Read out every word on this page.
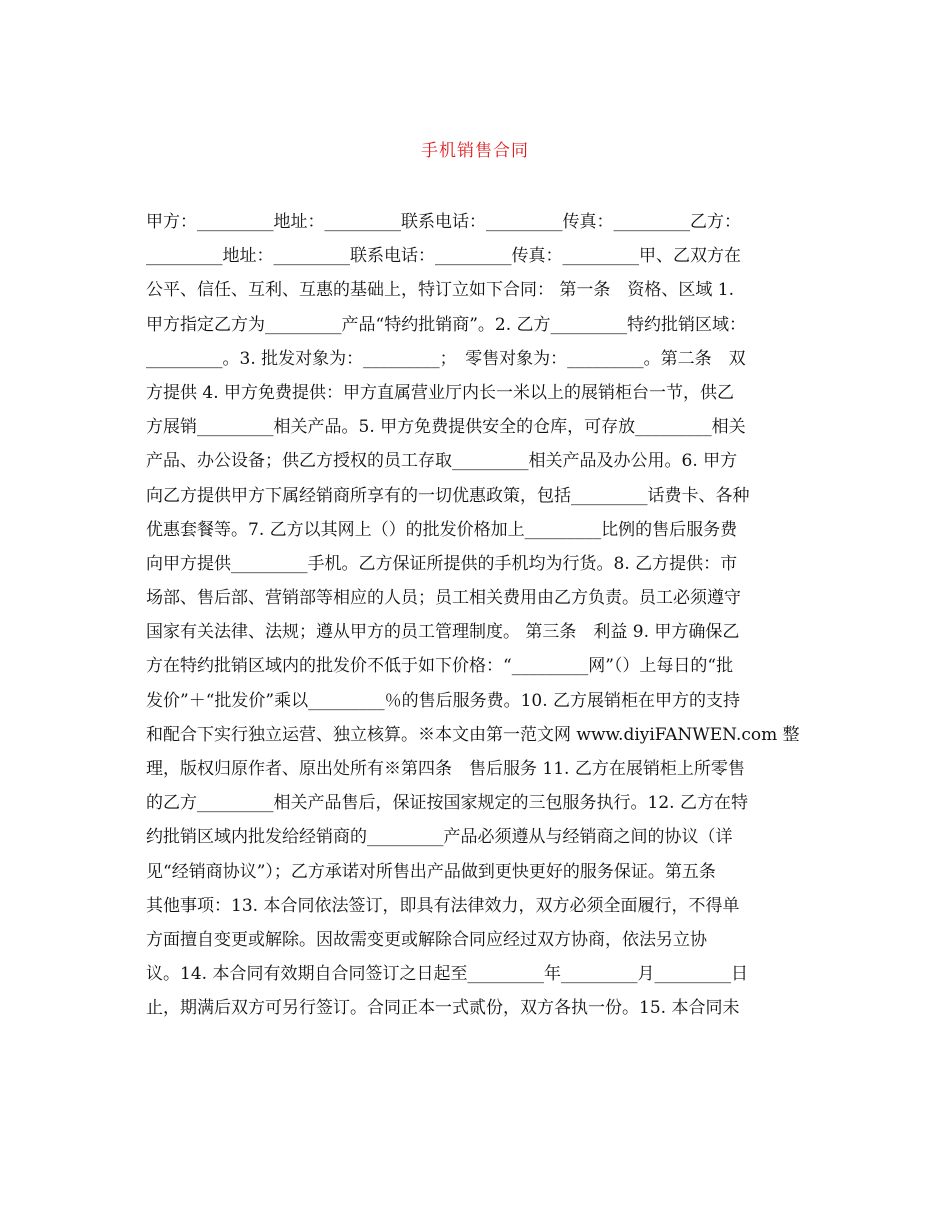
手机销售合同
甲方：_________地址：_________联系电话：_________传真：_________乙方：
_________地址：_________联系电话：_________传真：_________甲、乙双方在
公平、信任、互利、互惠的基础上，特订立如下合同： 第一条　资格、区域 1.
甲方指定乙方为_________产品“特约批销商”。2. 乙方_________特约批销区域：
_________。3. 批发对象为：_________；　零售对象为：_________。第二条　双
方提供 4. 甲方免费提供：甲方直属营业厅内长一米以上的展销柜台一节，供乙
方展销_________相关产品。5. 甲方免费提供安全的仓库，可存放_________相关
产品、办公设备；供乙方授权的员工存取_________相关产品及办公用。6. 甲方
向乙方提供甲方下属经销商所享有的一切优惠政策，包括_________话费卡、各种
优惠套餐等。7. 乙方以其网上（）的批发价格加上_________比例的售后服务费
向甲方提供_________手机。乙方保证所提供的手机均为行货。8. 乙方提供：市
场部、售后部、营销部等相应的人员；员工相关费用由乙方负责。员工必须遵守
国家有关法律、法规；遵从甲方的员工管理制度。 第三条　利益 9. 甲方确保乙
方在特约批销区域内的批发价不低于如下价格：“_________网”（）上每日的“批
发价”＋“批发价”乘以_________％的售后服务费。10. 乙方展销柜在甲方的支持
和配合下实行独立运营、独立核算。※本文由第一范文网 www.diyiFANWEN.com 整
理，版权归原作者、原出处所有※第四条　售后服务 11. 乙方在展销柜上所零售
的乙方_________相关产品售后，保证按国家规定的三包服务执行。12. 乙方在特
约批销区域内批发给经销商的_________产品必须遵从与经销商之间的协议（详
见“经销商协议”）；乙方承诺对所售出产品做到更快更好的服务保证。第五条
其他事项：13. 本合同依法签订，即具有法律效力，双方必须全面履行，不得单
方面擅自变更或解除。因故需变更或解除合同应经过双方协商，依法另立协
议。14. 本合同有效期自合同签订之日起至_________年_________月_________日
止，期满后双方可另行签订。合同正本一式贰份，双方各执一份。15. 本合同未
